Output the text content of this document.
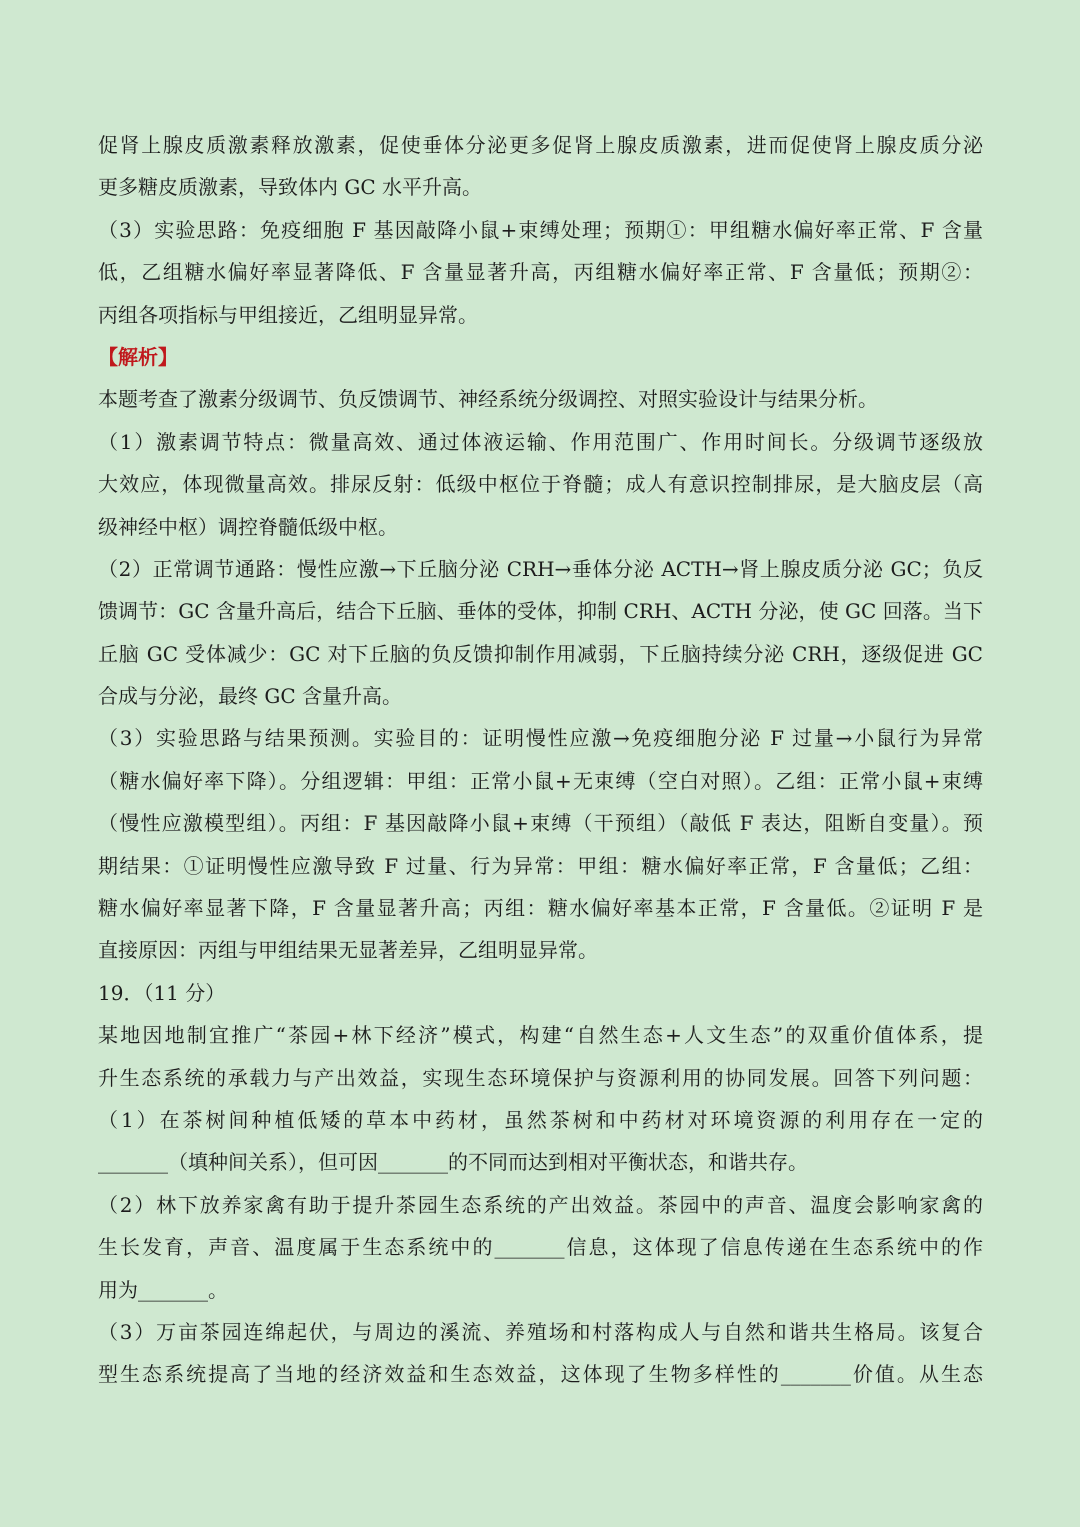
促肾上腺皮质激素释放激素，促使垂体分泌更多促肾上腺皮质激素，进而促使肾上腺皮质分泌
更多糖皮质激素，导致体内 GC 水平升高。
（3）实验思路：免疫细胞 F 基因敲降小鼠+束缚处理；预期①：甲组糖水偏好率正常、F 含量
低，乙组糖水偏好率显著降低、F 含量显著升高，丙组糖水偏好率正常、F 含量低；预期②：
丙组各项指标与甲组接近，乙组明显异常。
【解析】
本题考查了激素分级调节、负反馈调节、神经系统分级调控、对照实验设计与结果分析。
（1）激素调节特点：微量高效、通过体液运输、作用范围广、作用时间长。分级调节逐级放
大效应，体现微量高效。排尿反射：低级中枢位于脊髓；成人有意识控制排尿，是大脑皮层（高
级神经中枢）调控脊髓低级中枢。
（2）正常调节通路：慢性应激→下丘脑分泌 CRH→垂体分泌 ACTH→肾上腺皮质分泌 GC；负反
馈调节：GC 含量升高后，结合下丘脑、垂体的受体，抑制 CRH、ACTH 分泌，使 GC 回落。当下
丘脑 GC 受体减少：GC 对下丘脑的负反馈抑制作用减弱，下丘脑持续分泌 CRH，逐级促进 GC
合成与分泌，最终 GC 含量升高。
（3）实验思路与结果预测。实验目的：证明慢性应激→免疫细胞分泌 F 过量→小鼠行为异常
（糖水偏好率下降）。分组逻辑：甲组：正常小鼠+无束缚（空白对照）。乙组：正常小鼠+束缚
（慢性应激模型组）。丙组：F 基因敲降小鼠+束缚（干预组）（敲低 F 表达，阻断自变量）。预
期结果：①证明慢性应激导致 F 过量、行为异常：甲组：糖水偏好率正常，F 含量低；乙组：
糖水偏好率显著下降，F 含量显著升高；丙组：糖水偏好率基本正常，F 含量低。②证明 F 是
直接原因：丙组与甲组结果无显著差异，乙组明显异常。
19．（11 分）
某地因地制宜推广“茶园+林下经济”模式，构建“自然生态+人文生态”的双重价值体系，提
升生态系统的承载力与产出效益，实现生态环境保护与资源利用的协同发展。回答下列问题：
（1）在茶树间种植低矮的草本中药材，虽然茶树和中药材对环境资源的利用存在一定的
_______（填种间关系），但可因_______的不同而达到相对平衡状态，和谐共存。
（2）林下放养家禽有助于提升茶园生态系统的产出效益。茶园中的声音、温度会影响家禽的
生长发育，声音、温度属于生态系统中的_______信息，这体现了信息传递在生态系统中的作
用为_______。
（3）万亩茶园连绵起伏，与周边的溪流、养殖场和村落构成人与自然和谐共生格局。该复合
型生态系统提高了当地的经济效益和生态效益，这体现了生物多样性的_______价值。从生态
